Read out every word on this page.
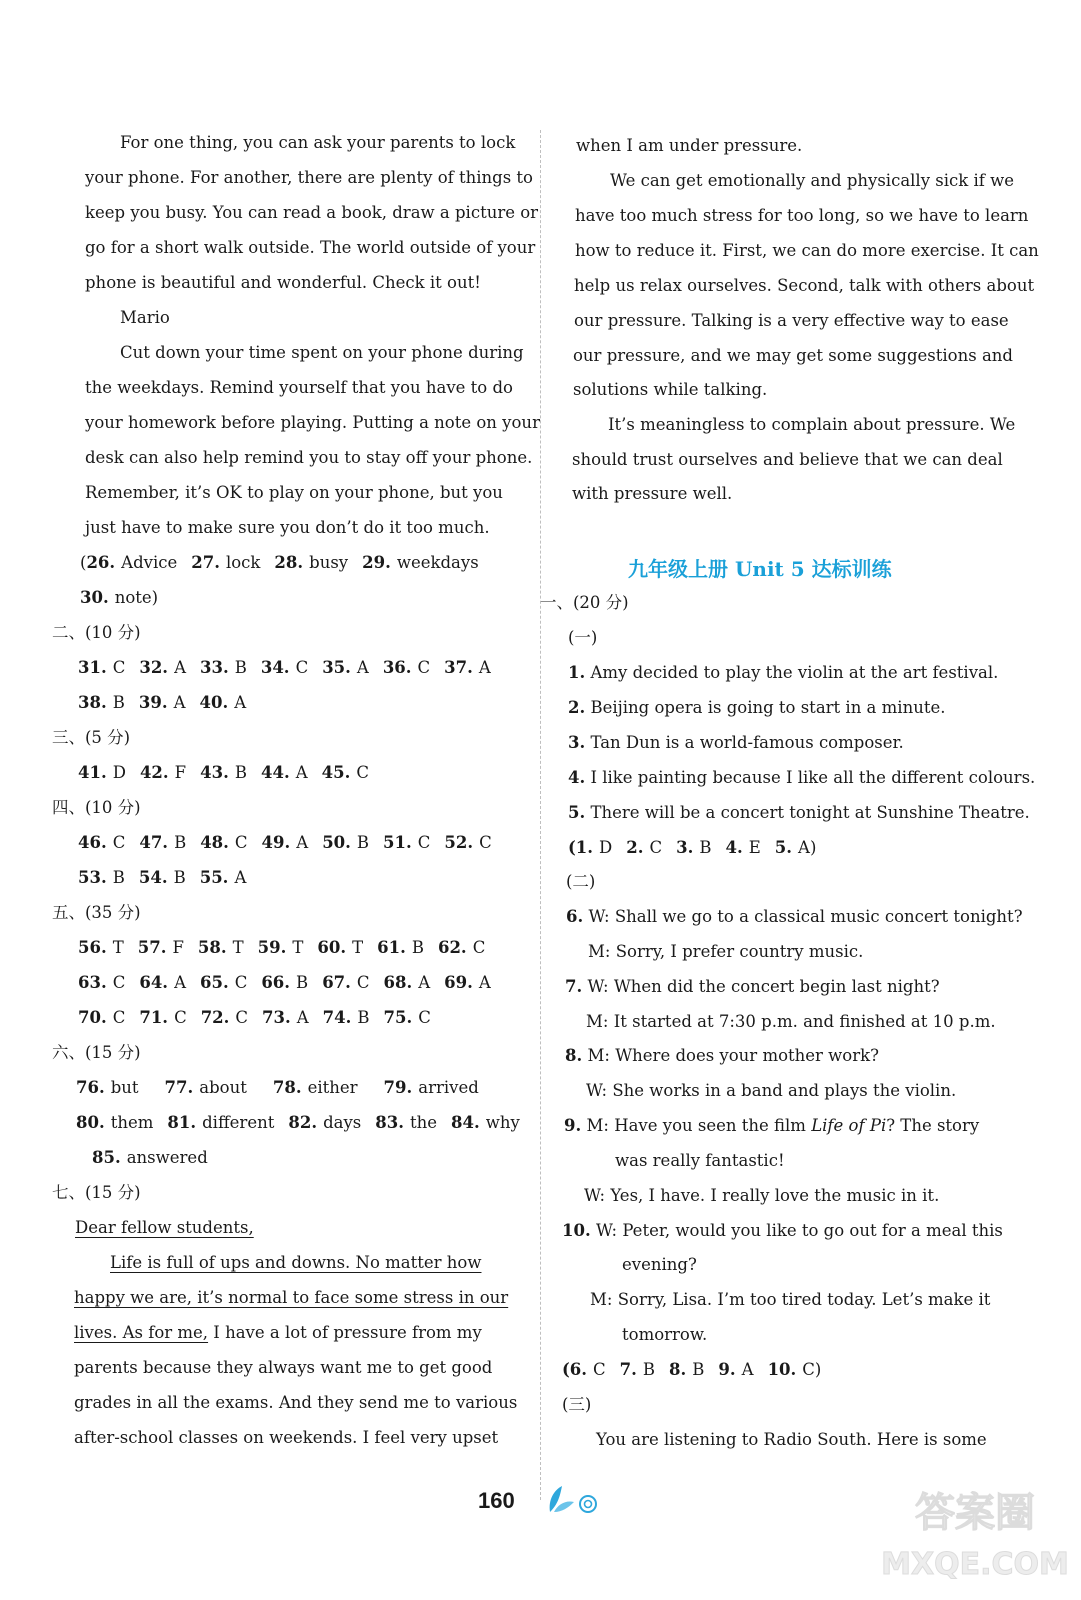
For one thing, you can ask your parents to lock
your phone. For another, there are plenty of things to
keep you busy. You can read a book, draw a picture or
go for a short walk outside. The world outside of your
phone is beautiful and wonderful. Check it out!
Mario
Cut down your time spent on your phone during
the weekdays. Remind yourself that you have to do
your homework before playing. Putting a note on your
desk can also help remind you to stay off your phone.
Remember, it’s OK to play on your phone, but you
just have to make sure you don’t do it too much.
(26. Advice 27. lock 28. busy 29. weekdays
30. note)
二、(10 分)
31. C 32. A 33. B 34. C 35. A 36. C 37. A
38. B 39. A 40. A
三、(5 分)
41. D 42. F 43. B 44. A 45. C
四、(10 分)
46. C 47. B 48. C 49. A 50. B 51. C 52. C
53. B 54. B 55. A
五、(35 分)
56. T 57. F 58. T 59. T 60. T 61. B 62. C
63. C 64. A 65. C 66. B 67. C 68. A 69. A
70. C 71. C 72. C 73. A 74. B 75. C
六、(15 分)
76. but 77. about 78. either 79. arrived
80. them 81. different 82. days 83. the 84. why
85. answered
七、(15 分)
Dear fellow students,
Life is full of ups and downs. No matter how
happy we are, it’s normal to face some stress in our
lives. As for me, I have a lot of pressure from my
parents because they always want me to get good
grades in all the exams. And they send me to various
after-school classes on weekends. I feel very upset
when I am under pressure.
We can get emotionally and physically sick if we
have too much stress for too long, so we have to learn
how to reduce it. First, we can do more exercise. It can
help us relax ourselves. Second, talk with others about
our pressure. Talking is a very effective way to ease
our pressure, and we may get some suggestions and
solutions while talking.
It’s meaningless to complain about pressure. We
should trust ourselves and believe that we can deal
with pressure well.
九年级上册 Unit 5 达标训练
一、(20 分)
(一)
1. Amy decided to play the violin at the art festival.
2. Beijing opera is going to start in a minute.
3. Tan Dun is a world-famous composer.
4. I like painting because I like all the different colours.
5. There will be a concert tonight at Sunshine Theatre.
(1. D 2. C 3. B 4. E 5. A)
(二)
6. W: Shall we go to a classical music concert tonight?
M: Sorry, I prefer country music.
7. W: When did the concert begin last night?
M: It started at 7:30 p.m. and finished at 10 p.m.
8. M: Where does your mother work?
W: She works in a band and plays the violin.
9. M: Have you seen the film Life of Pi? The story
was really fantastic!
W: Yes, I have. I really love the music in it.
10. W: Peter, would you like to go out for a meal this
evening?
M: Sorry, Lisa. I’m too tired today. Let’s make it
tomorrow.
(6. C 7. B 8. B 9. A 10. C)
(三)
You are listening to Radio South. Here is some
160	答案圈
MXQE.COM
